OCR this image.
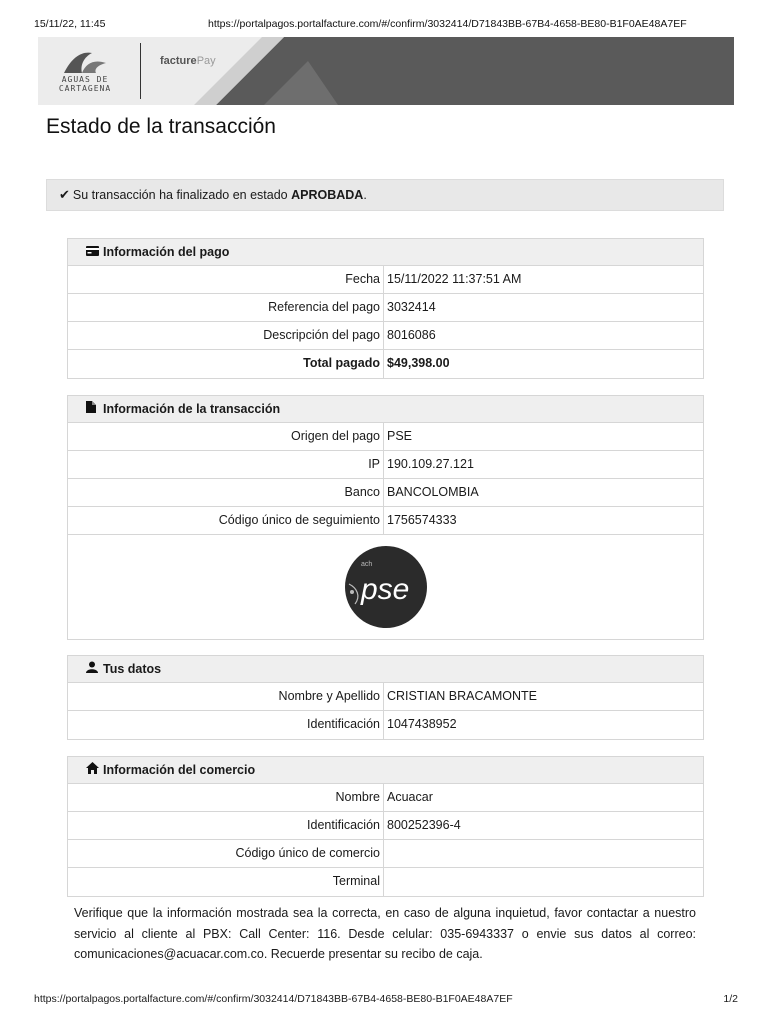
15/11/22, 11:45	https://portalpagos.portalfacture.com/#/confirm/3032414/D71843BB-67B4-4658-BE80-B1F0AE48A7EF
AGUAS DE
CARTAGENA
facturePay
Estado de la transacción
✔ Su transacción ha finalizado en estado APROBADA.
Información del pago
Fecha 15/11/2022 11:37:51 AM
Referencia del pago 3032414
Descripción del pago 8016086
Total pagado $49,398.00
Información de la transacción
Origen del pago PSE
IP 190.109.27.121
Banco BANCOLOMBIA
Código único de seguimiento 1756574333
ach
pse
Tus datos
Nombre y Apellido CRISTIAN BRACAMONTE
Identificación 1047438952
Información del comercio
Nombre Acuacar
Identificación 800252396-4
Código único de comercio
Terminal

Verifique que la información mostrada sea la correcta, en caso de alguna inquietud, favor contactar a nuestro servicio al cliente al PBX: Call Center: 116. Desde celular: 035-6943337 o envie sus datos al correo: comunicaciones@acuacar.com.co. Recuerde presentar su recibo de caja.

https://portalpagos.portalfacture.com/#/confirm/3032414/D71843BB-67B4-4658-BE80-B1F0AE48A7EF	1/2
